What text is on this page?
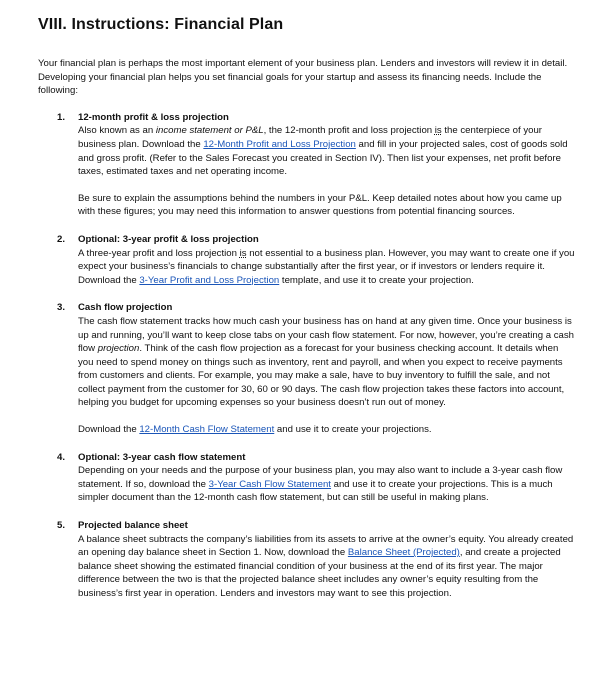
VIII. Instructions: Financial Plan

Your financial plan is perhaps the most important element of your business plan. Lenders and investors will review it in detail. Developing your financial plan helps you set financial goals for your startup and assess its financing needs. Include the following:

1. 12-month profit & loss projection

Also known as an income statement or P&L, the 12-month profit and loss projection is the centerpiece of your business plan. Download the 12-Month Profit and Loss Projection and fill in your projected sales, cost of goods sold and gross profit. (Refer to the Sales Forecast you created in Section IV). Then list your expenses, net profit before taxes, estimated taxes and net operating income.

Be sure to explain the assumptions behind the numbers in your P&L. Keep detailed notes about how you came up with these figures; you may need this information to answer questions from potential financing sources.

2. Optional: 3-year profit & loss projection

A three-year profit and loss projection is not essential to a business plan. However, you may want to create one if you expect your business’s financials to change substantially after the first year, or if investors or lenders require it. Download the 3-Year Profit and Loss Projection template, and use it to create your projection.

3. Cash flow projection

The cash flow statement tracks how much cash your business has on hand at any given time. Once your business is up and running, you’ll want to keep close tabs on your cash flow statement. For now, however, you’re creating a cash flow projection. Think of the cash flow projection as a forecast for your business checking account. It details when you need to spend money on things such as inventory, rent and payroll, and when you expect to receive payments from customers and clients. For example, you may make a sale, have to buy inventory to fulfill the sale, and not collect payment from the customer for 30, 60 or 90 days. The cash flow projection takes these factors into account, helping you budget for upcoming expenses so your business doesn’t run out of money.

Download the 12-Month Cash Flow Statement and use it to create your projections.

4. Optional: 3-year cash flow statement

Depending on your needs and the purpose of your business plan, you may also want to include a 3-year cash flow statement. If so, download the 3-Year Cash Flow Statement and use it to create your projections. This is a much simpler document than the 12-month cash flow statement, but can still be useful in making plans.

5. Projected balance sheet

A balance sheet subtracts the company’s liabilities from its assets to arrive at the owner’s equity. You already created an opening day balance sheet in Section 1. Now, download the Balance Sheet (Projected), and create a projected balance sheet showing the estimated financial condition of your business at the end of its first year. The major difference between the two is that the projected balance sheet includes any owner’s equity resulting from the business’s first year in operation. Lenders and investors may want to see this projection.
